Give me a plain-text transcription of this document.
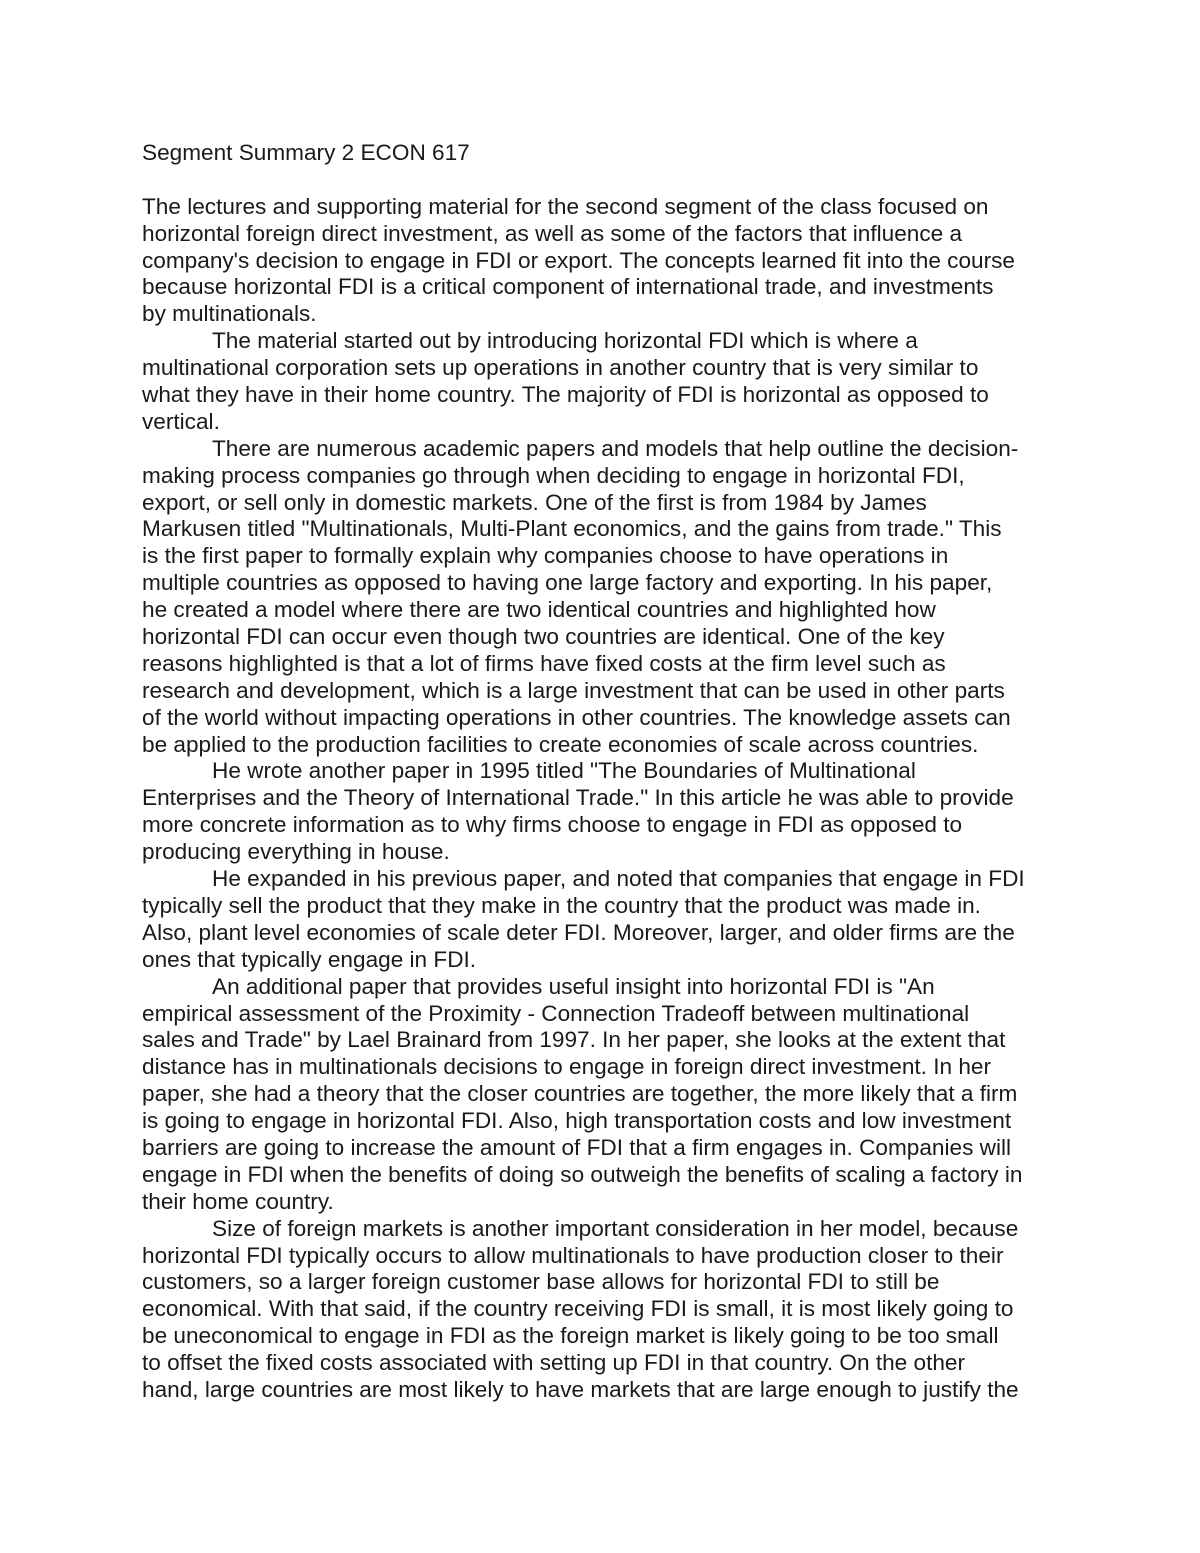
Segment Summary 2 ECON 617
The lectures and supporting material for the second segment of the class focused on
horizontal foreign direct investment, as well as some of the factors that influence a
company's decision to engage in FDI or export. The concepts learned fit into the course
because horizontal FDI is a critical component of international trade, and investments
by multinationals.
The material started out by introducing horizontal FDI which is where a
multinational corporation sets up operations in another country that is very similar to
what they have in their home country. The majority of FDI is horizontal as opposed to
vertical.
There are numerous academic papers and models that help outline the decision-
making process companies go through when deciding to engage in horizontal FDI,
export, or sell only in domestic markets. One of the first is from 1984 by James
Markusen titled "Multinationals, Multi-Plant economics, and the gains from trade." This
is the first paper to formally explain why companies choose to have operations in
multiple countries as opposed to having one large factory and exporting. In his paper,
he created a model where there are two identical countries and highlighted how
horizontal FDI can occur even though two countries are identical. One of the key
reasons highlighted is that a lot of firms have fixed costs at the firm level such as
research and development, which is a large investment that can be used in other parts
of the world without impacting operations in other countries. The knowledge assets can
be applied to the production facilities to create economies of scale across countries.
He wrote another paper in 1995 titled "The Boundaries of Multinational
Enterprises and the Theory of International Trade." In this article he was able to provide
more concrete information as to why firms choose to engage in FDI as opposed to
producing everything in house.
He expanded in his previous paper, and noted that companies that engage in FDI
typically sell the product that they make in the country that the product was made in.
Also, plant level economies of scale deter FDI. Moreover, larger, and older firms are the
ones that typically engage in FDI.
An additional paper that provides useful insight into horizontal FDI is "An
empirical assessment of the Proximity - Connection Tradeoff between multinational
sales and Trade" by Lael Brainard from 1997. In her paper, she looks at the extent that
distance has in multinationals decisions to engage in foreign direct investment. In her
paper, she had a theory that the closer countries are together, the more likely that a firm
is going to engage in horizontal FDI. Also, high transportation costs and low investment
barriers are going to increase the amount of FDI that a firm engages in. Companies will
engage in FDI when the benefits of doing so outweigh the benefits of scaling a factory in
their home country.
Size of foreign markets is another important consideration in her model, because
horizontal FDI typically occurs to allow multinationals to have production closer to their
customers, so a larger foreign customer base allows for horizontal FDI to still be
economical. With that said, if the country receiving FDI is small, it is most likely going to
be uneconomical to engage in FDI as the foreign market is likely going to be too small
to offset the fixed costs associated with setting up FDI in that country. On the other
hand, large countries are most likely to have markets that are large enough to justify the
